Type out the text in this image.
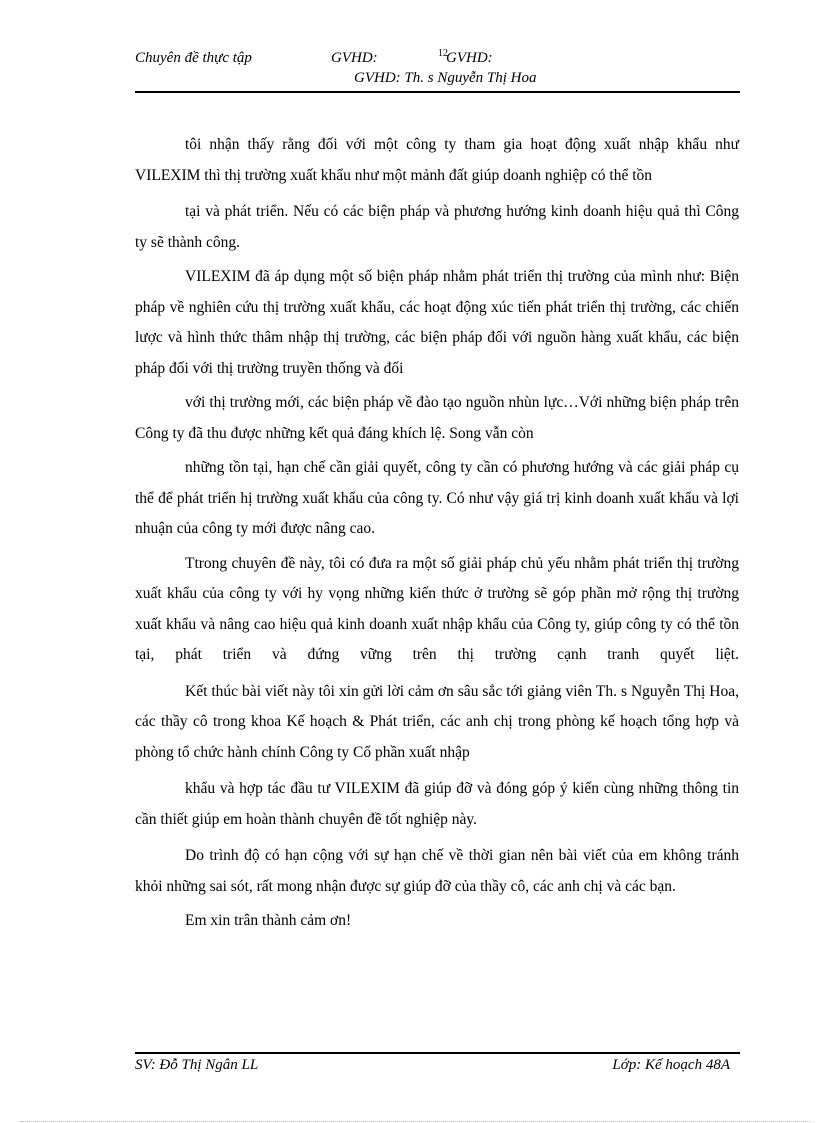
Chuyên đề thực tập	GVHD:	12
GVHD:
GVHD: Th. s Nguyễn Thị Hoa

tôi nhận thấy rằng đối với một công ty tham gia hoạt động xuất nhập khẩu như VILEXIM thì thị trường xuất khẩu như một mảnh đất giúp doanh nghiệp có thể tồn

tại và phát triển. Nếu có các biện pháp và phương hướng kinh doanh hiệu quả thì Công ty sẽ thành công.

VILEXIM đã áp dụng một số biện pháp nhằm phát triển thị trường của mình như: Biện pháp về nghiên cứu thị trường xuất khẩu, các hoạt động xúc tiến phát triển thị trường, các chiến lược và hình thức thâm nhập thị trường, các biện pháp đối với nguồn hàng xuất khẩu, các biện pháp đối với thị trường truyền thống và đối

với thị trường mới, các biện pháp về đào tạo nguồn nhùn lực…Với những biện pháp trên Công ty đã thu được những kết quả đáng khích lệ. Song vẫn còn

những tồn tại, hạn chế cần giải quyết, công ty cần có phương hướng và các giải pháp cụ thể để phát triển hị trường xuất khẩu của công ty. Có như vậy giá trị kinh doanh xuất khẩu và lợi nhuận của công ty mới được nâng cao.

Ttrong chuyên đề này, tôi có đưa ra một số giải pháp chủ yếu nhằm phát triển thị trường xuất khẩu của công ty với hy vọng những kiến thức ở trường sẽ góp phần mở rộng thị trường xuất khẩu và nâng cao hiệu quả kinh doanh xuất nhập khẩu của Công ty, giúp công ty có thể tồn tại, phát triển và đứng vững trên thị trường cạnh tranh quyết liệt.

Kết thúc bài viết này tôi xin gửi lời cảm ơn sâu sắc tới giảng viên Th. s Nguyễn Thị Hoa, các thầy cô trong khoa Kế hoạch & Phát triển, các anh chị trong phòng kế hoạch tổng hợp và phòng tổ chức hành chính Công ty Cổ phần xuất nhập

khẩu và hợp tác đầu tư VILEXIM đã giúp đỡ và đóng góp ý kiến cùng những thông tin cần thiết giúp em hoàn thành chuyên đề tốt nghiệp này.

Do trình độ có hạn cộng với sự hạn chế về thời gian nên bài viết của em không tránh khỏi những sai sót, rất mong nhận được sự giúp đỡ của thầy cô, các anh chị và các bạn.

Em xin trân thành cảm ơn!

SV: Đỗ Thị Ngân LL	Lớp: Kế hoạch 48A
